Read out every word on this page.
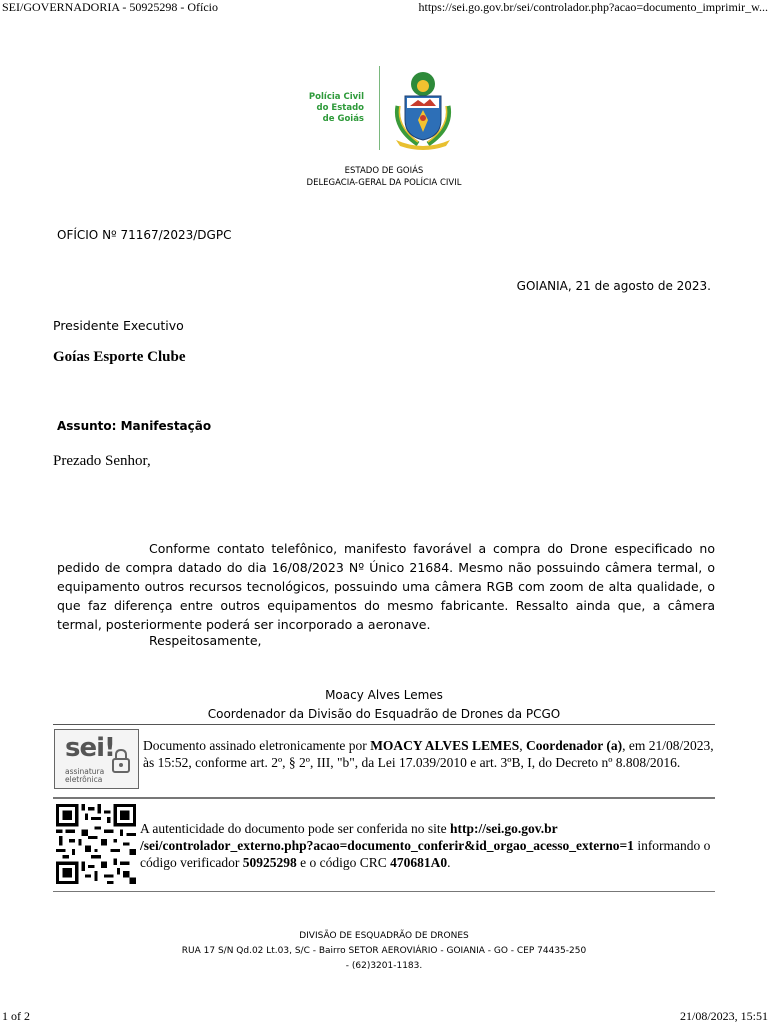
SEI/GOVERNADORIA - 50925298 - Ofício	https://sei.go.gov.br/sei/controlador.php?acao=documento_imprimir_w...
Polícia Civil
do Estado
de Goiás
ESTADO DE GOIÁS
DELEGACIA-GERAL DA POLÍCIA CIVIL
OFÍCIO Nº 71167/2023/DGPC
GOIANIA, 21 de agosto de 2023.
Presidente Executivo
Goías Esporte Clube
Assunto: Manifestação
Prezado Senhor,
Conforme contato telefônico, manifesto favorável a compra do Drone especificado no pedido de compra datado do dia 16/08/2023 Nº Único 21684. Mesmo não possuindo câmera termal, o equipamento outros recursos tecnológicos, possuindo uma câmera RGB com zoom de alta qualidade, o que faz diferença entre outros equipamentos do mesmo fabricante. Ressalto ainda que, a câmera termal, posteriormente poderá ser incorporado a aeronave.
Respeitosamente,
Moacy Alves Lemes
Coordenador da Divisão do Esquadrão de Drones da PCGO
sei!
assinatura
eletrônica
Documento assinado eletronicamente por MOACY ALVES LEMES, Coordenador (a), em 21/08/2023, às 15:52, conforme art. 2º, § 2º, III, "b", da Lei 17.039/2010 e art. 3ºB, I, do Decreto nº 8.808/2016.
A autenticidade do documento pode ser conferida no site http://sei.go.gov.br /sei/controlador_externo.php?acao=documento_conferir&id_orgao_acesso_externo=1 informando o código verificador 50925298 e o código CRC 470681A0.
DIVISÃO DE ESQUADRÃO DE DRONES
RUA 17 S/N Qd.02 Lt.03, S/C - Bairro SETOR AEROVIÁRIO - GOIANIA - GO - CEP 74435-250
- (62)3201-1183.
1 of 2	21/08/2023, 15:51
